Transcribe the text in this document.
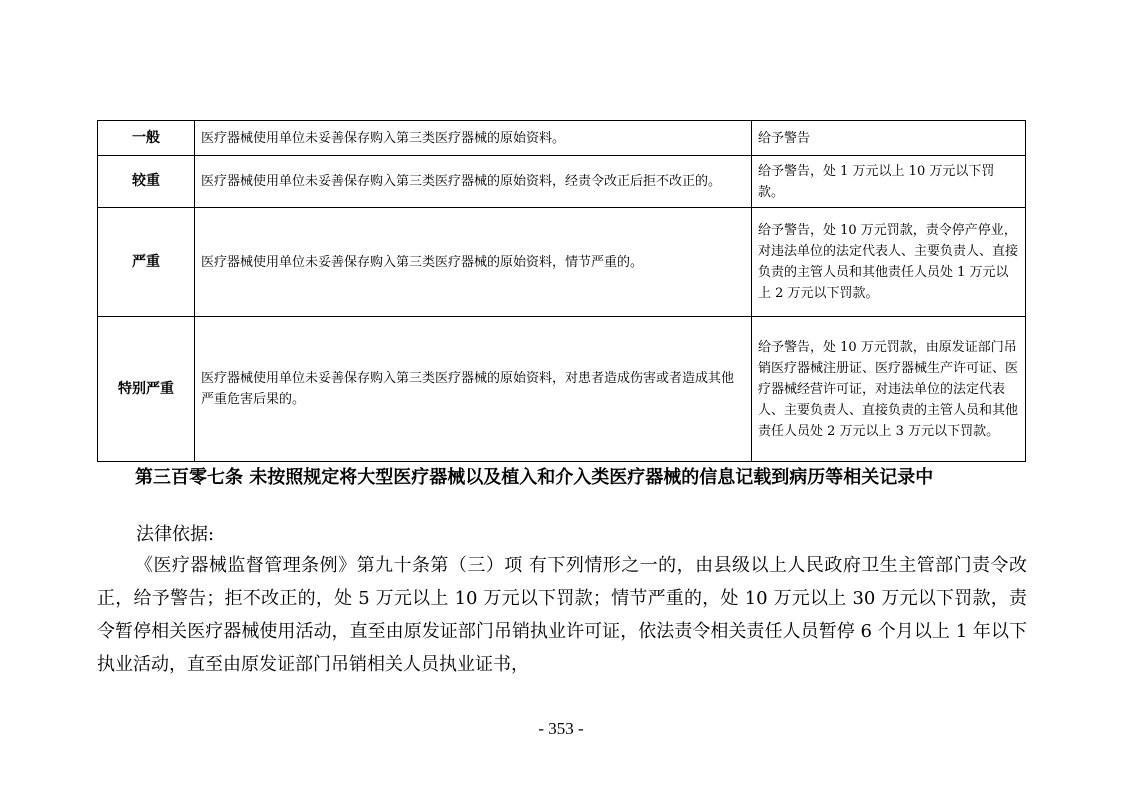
一般	医疗器械使用单位未妥善保存购入第三类医疗器械的原始资料。	给予警告
较重	医疗器械使用单位未妥善保存购入第三类医疗器械的原始资料，经责令改正后拒不改正的。	给予警告，处 1 万元以上 10 万元以下罚款。
严重	医疗器械使用单位未妥善保存购入第三类医疗器械的原始资料，情节严重的。	给予警告，处 10 万元罚款，责令停产停业，对违法单位的法定代表人、主要负责人、直接负责的主管人员和其他责任人员处 1 万元以上 2 万元以下罚款。
特别严重	医疗器械使用单位未妥善保存购入第三类医疗器械的原始资料，对患者造成伤害或者造成其他严重危害后果的。	给予警告，处 10 万元罚款，由原发证部门吊销医疗器械注册证、医疗器械生产许可证、医疗器械经营许可证，对违法单位的法定代表人、主要负责人、直接负责的主管人员和其他责任人员处 2 万元以上 3 万元以下罚款。
第三百零七条 未按照规定将大型医疗器械以及植入和介入类医疗器械的信息记载到病历等相关记录中
法律依据:
《医疗器械监督管理条例》第九十条第（三）项 有下列情形之一的，由县级以上人民政府卫生主管部门责令改正，给予警告；拒不改正的，处 5 万元以上 10 万元以下罚款；情节严重的，处 10 万元以上 30 万元以下罚款，责令暂停相关医疗器械使用活动，直至由原发证部门吊销执业许可证，依法责令相关责任人员暂停 6 个月以上 1 年以下执业活动，直至由原发证部门吊销相关人员执业证书，
- 353 -
